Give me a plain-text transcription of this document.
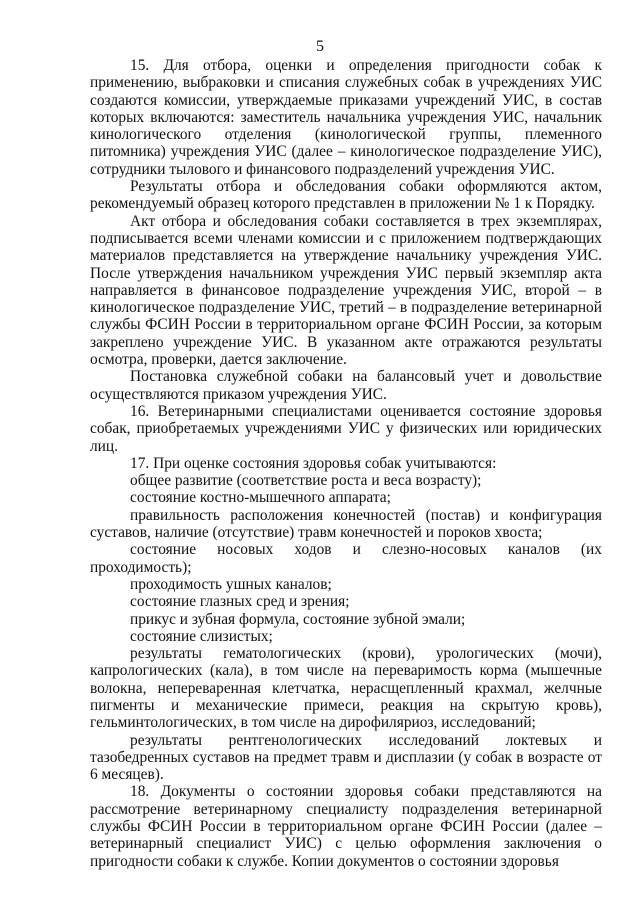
5

15. Для отбора, оценки и определения пригодности собак к применению, выбраковки и списания служебных собак в учреждениях УИС создаются комиссии, утверждаемые приказами учреждений УИС, в состав которых включаются: заместитель начальника учреждения УИС, начальник кинологического отделения (кинологической группы, племенного питомника) учреждения УИС (далее – кинологическое подразделение УИС), сотрудники тылового и финансового подразделений учреждения УИС.

Результаты отбора и обследования собаки оформляются актом, рекомендуемый образец которого представлен в приложении № 1 к Порядку.

Акт отбора и обследования собаки составляется в трех экземплярах, подписывается всеми членами комиссии и с приложением подтверждающих материалов представляется на утверждение начальнику учреждения УИС. После утверждения начальником учреждения УИС первый экземпляр акта направляется в финансовое подразделение учреждения УИС, второй – в кинологическое подразделение УИС, третий – в подразделение ветеринарной службы ФСИН России в территориальном органе ФСИН России, за которым закреплено учреждение УИС. В указанном акте отражаются результаты осмотра, проверки, дается заключение.

Постановка служебной собаки на балансовый учет и довольствие осуществляются приказом учреждения УИС.

16. Ветеринарными специалистами оценивается состояние здоровья собак, приобретаемых учреждениями УИС у физических или юридических лиц.

17. При оценке состояния здоровья собак учитываются:

общее развитие (соответствие роста и веса возрасту);

состояние костно-мышечного аппарата;

правильность расположения конечностей (постав) и конфигурация суставов, наличие (отсутствие) травм конечностей и пороков хвоста;

состояние носовых ходов и слезно-носовых каналов (их проходимость);

проходимость ушных каналов;

состояние глазных сред и зрения;

прикус и зубная формула, состояние зубной эмали;

состояние слизистых;

результаты гематологических (крови), урологических (мочи), капрологических (кала), в том числе на переваримость корма (мышечные волокна, непереваренная клетчатка, нерасщепленный крахмал, желчные пигменты и механические примеси, реакция на скрытую кровь), гельминтологических, в том числе на дирофиляриоз, исследований;

результаты рентгенологических исследований локтевых и тазобедренных суставов на предмет травм и дисплазии (у собак в возрасте от 6 месяцев).

18. Документы о состоянии здоровья собаки представляются на рассмотрение ветеринарному специалисту подразделения ветеринарной службы ФСИН России в территориальном органе ФСИН России (далее – ветеринарный специалист УИС) с целью оформления заключения о пригодности собаки к службе. Копии документов о состоянии здоровья
